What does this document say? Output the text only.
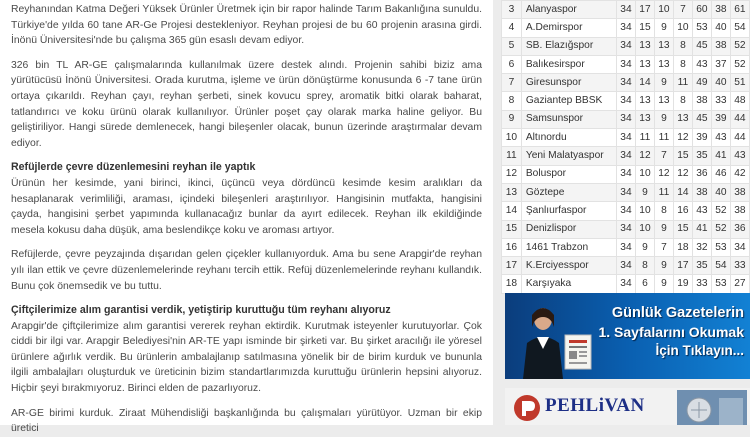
Reyhanından Katma Değeri Yüksek Ürünler Üretmek için bir rapor halinde Tarım Bakanlığına sunuldu. Türkiye'de yılda 60 tane AR-Ge Projesi destekleniyor. Reyhan projesi de bu 60 projenin arasına girdi. İnönü Üniversitesi'nde bu çalışma 365 gün esaslı devam ediyor.

326 bin TL AR-GE çalışmalarında kullanılmak üzere destek alındı. Projenin sahibi biziz ama yürütücüsü İnönü Üniversitesi. Orada kurutma, işleme ve ürün dönüştürme konusunda 6 -7 tane ürün ortaya çıkarıldı. Reyhan çayı, reyhan şerbeti, sinek kovucu sprey, aromatik bitki olarak baharat, tatlandırıcı ve koku ürünü olarak kullanılıyor. Ürünler poşet çay olarak marka haline geliyor. Bu geliştiriliyor. Hangi sürede demlenecek, hangi bileşenler olacak, bunun üzerinde araştırmalar devam ediyor.

Refüjlerde çevre düzenlemesini reyhan ile yaptık

Ürünün her kesimde, yani birinci, ikinci, üçüncü veya dördüncü kesimde kesim aralıkları da hesaplanarak verimliliği, araması, içindeki bileşenleri araştırılıyor. Hangisinin mutfakta, hangisini çayda, hangisini şerbet yapımında kullanacağız bunlar da ayırt edilecek. Reyhan ilk ekildiğinde mesela kokusu daha düşük, ama beslendikçe koku ve aroması artıyor.

Refüjlerde, çevre peyzajında dışarıdan gelen çiçekler kullanıyorduk. Ama bu sene Arapgir'de reyhan yılı ilan ettik ve çevre düzenlemelerinde reyhanı tercih ettik. Refüj düzenlemelerinde reyhanı kullandık. Bunu çok önemsedik ve bu tuttu.

Çiftçilerimize alım garantisi verdik, yetiştirip kuruttuğu tüm reyhanı alıyoruz

Arapgir'de çiftçilerimize alım garantisi vererek reyhan ektirdik. Kurutmak isteyenler kurutuyorlar. Çok ciddi bir ilgi var. Arapgir Belediyesi'nin AR-TE yapı isminde bir şirketi var. Bu şirket aracılığı ile yöresel ürünlere ağırlık verdik. Bu ürünlerin ambalajlanıp satılmasına yönelik bir de birim kurduk ve bununla ilgili ambalajları oluşturduk ve üreticinin bizim standartlarımızda kuruttuğu ürünlerin hepsini alıyoruz. Hiçbir şeyi bırakmıyoruz. Birinci elden de pazarlıyoruz.

AR-GE birimi kurduk. Ziraat Mühendisliği başkanlığında bu çalışmaları yürütüyor. Uzman bir ekip üretici

3	Alanyaspor	34	17	10	7	60	38	61
4	A.Demirspor	34	15	9	10	53	40	54
5	SB. Elazığspor	34	13	13	8	45	38	52
6	Balıkesirspor	34	13	13	8	43	37	52
7	Giresunspor	34	14	9	11	49	40	51
8	Gaziantep BBSK	34	13	13	8	38	33	48
9	Samsunspor	34	13	9	13	45	39	44
10	Altınordu	34	11	11	12	39	43	44
11	Yeni Malatyaspor	34	12	7	15	35	41	43
12	Boluspor	34	10	12	12	36	46	42
13	Göztepe	34	9	11	14	38	40	38
14	Şanlıurfaspor	34	10	8	16	43	52	38
15	Denizlispor	34	10	9	15	41	52	36
16	1461 Trabzon	34	9	7	18	32	53	34
17	K.Erciyesspor	34	8	9	17	35	54	33
18	Karşıyaka	34	6	9	19	33	53	27
Günlük Gazetelerin
1. Sayfalarını Okumak
İçin Tıklayın...
PEHLiVAN
